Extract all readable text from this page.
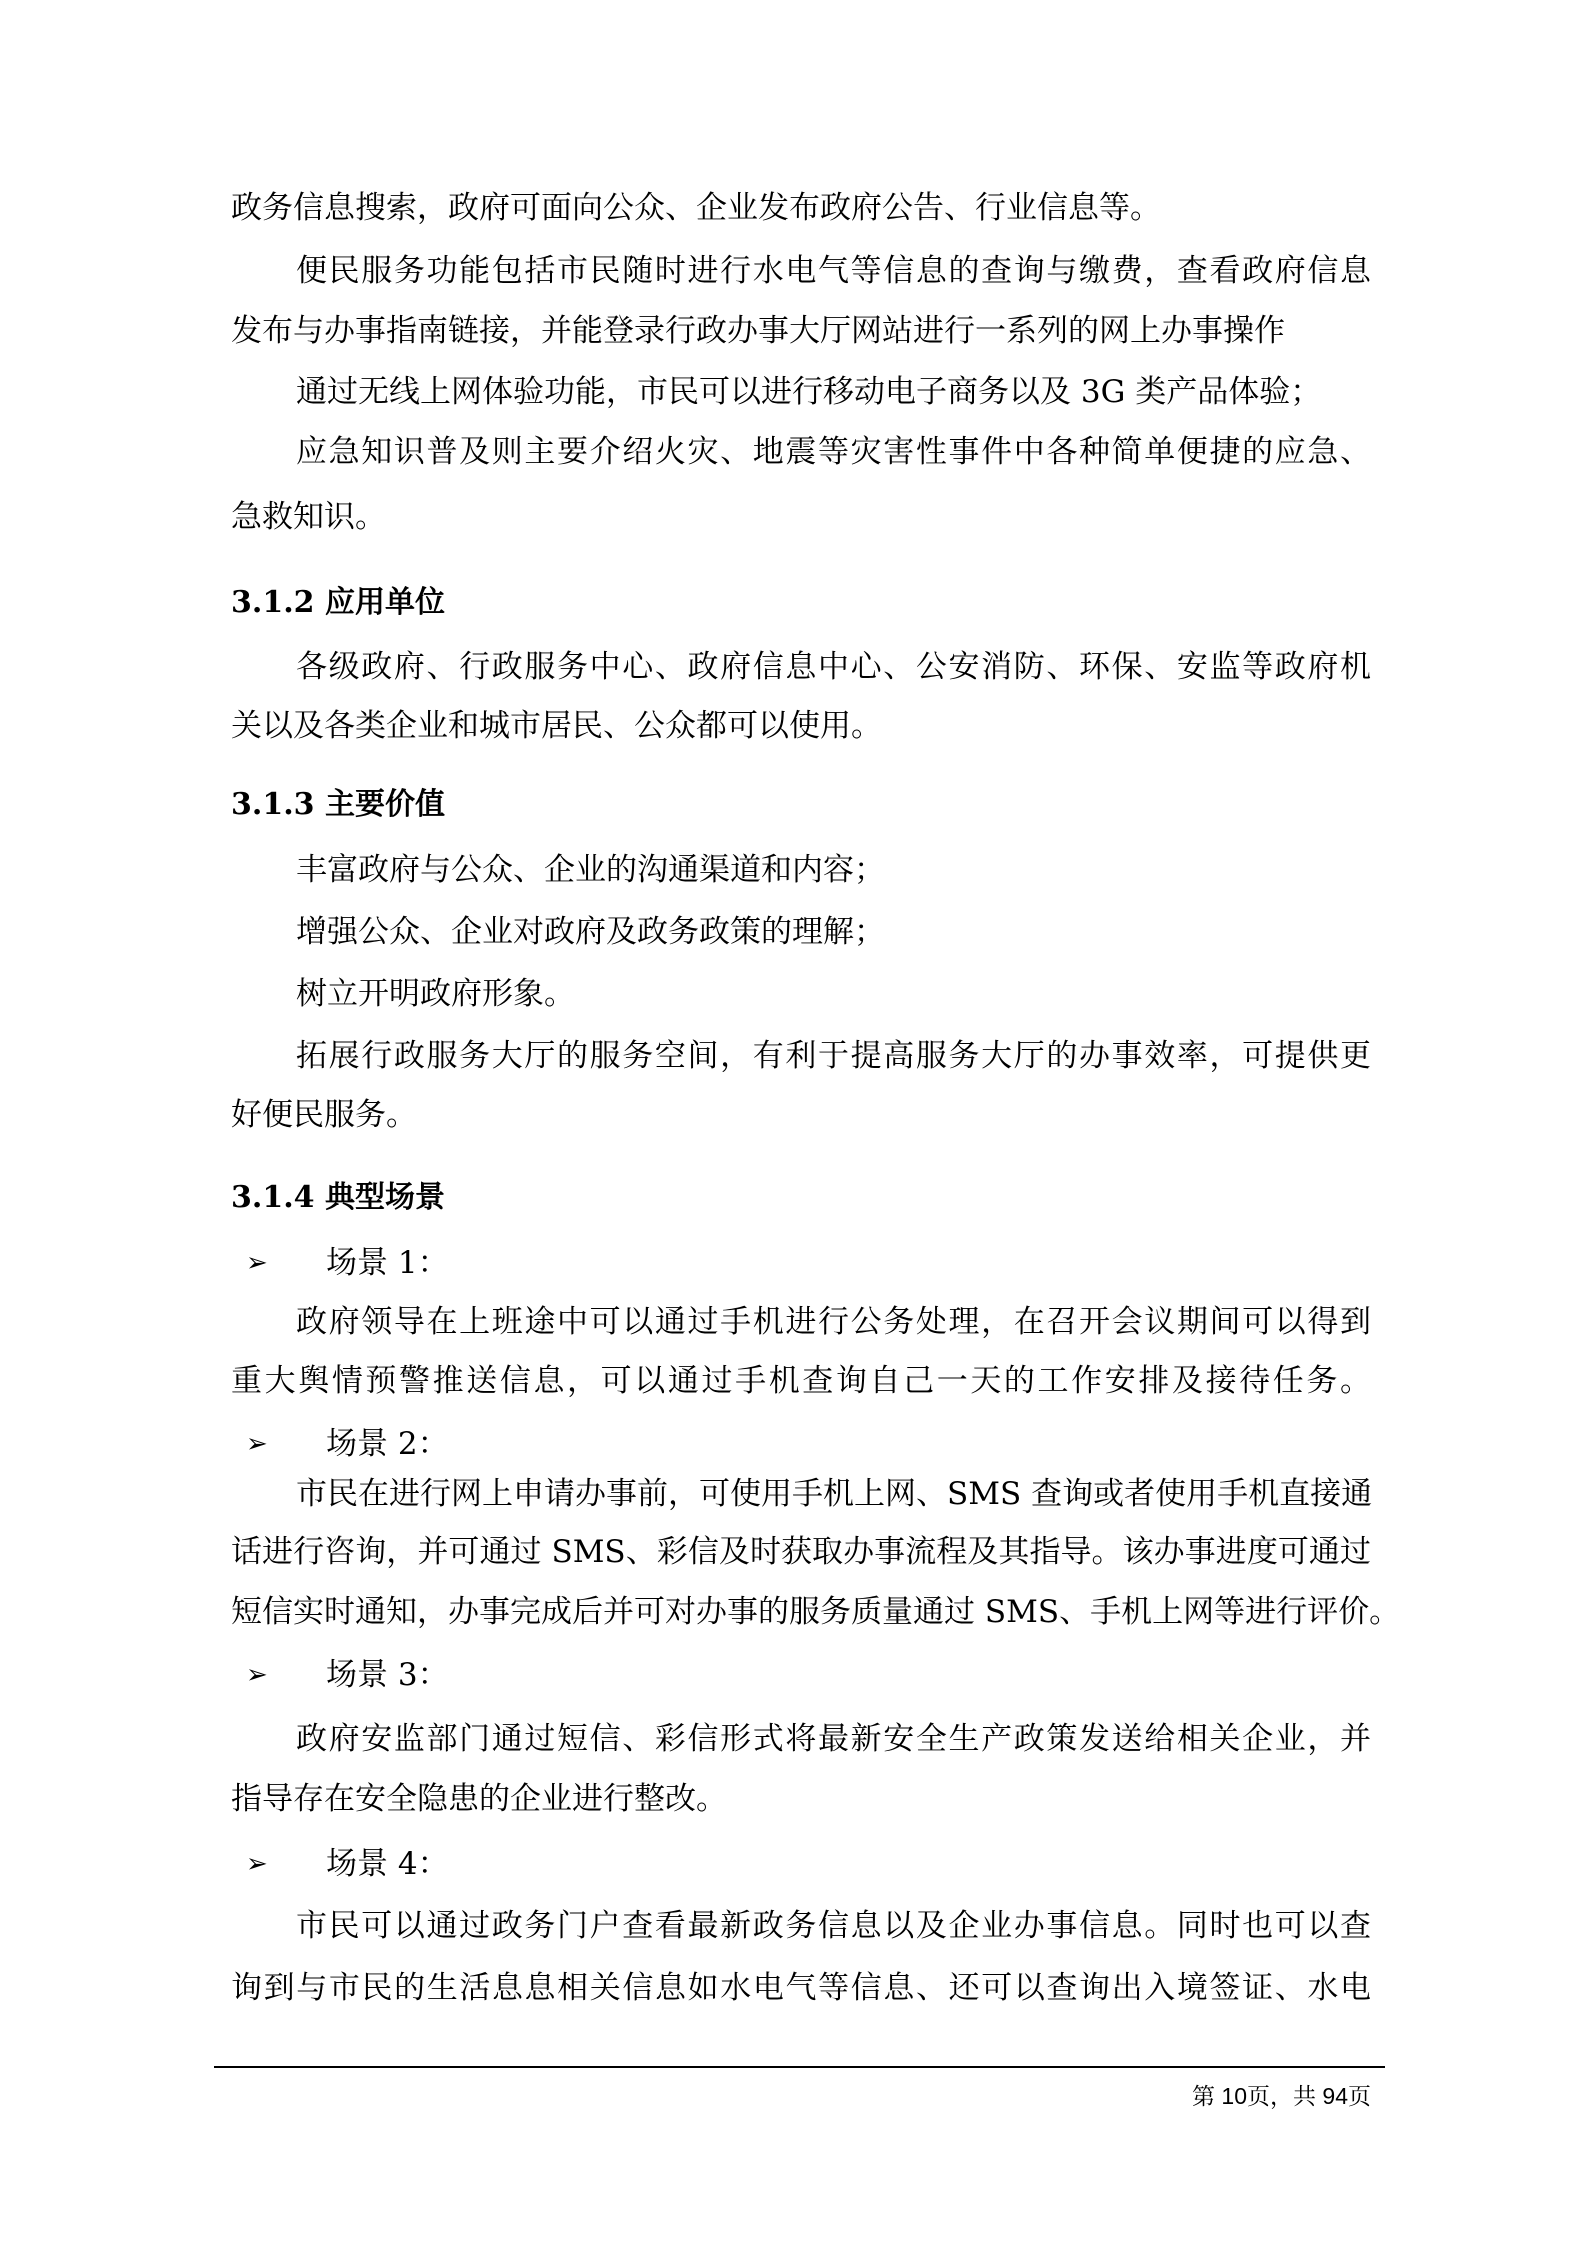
政务信息搜索，政府可面向公众、企业发布政府公告、行业信息等。
便民服务功能包括市民随时进行水电气等信息的查询与缴费，查看政府信息
发布与办事指南链接，并能登录行政办事大厅网站进行一系列的网上办事操作
通过无线上网体验功能，市民可以进行移动电子商务以及 3G 类产品体验；
应急知识普及则主要介绍火灾、地震等灾害性事件中各种简单便捷的应急、
急救知识。
3.1.2 应用单位
各级政府、行政服务中心、政府信息中心、公安消防、环保、安监等政府机
关以及各类企业和城市居民、公众都可以使用。
3.1.3 主要价值
丰富政府与公众、企业的沟通渠道和内容；
增强公众、企业对政府及政务政策的理解；
树立开明政府形象。
拓展行政服务大厅的服务空间，有利于提高服务大厅的办事效率，可提供更
好便民服务。
3.1.4 典型场景
➢ 场景 1：
政府领导在上班途中可以通过手机进行公务处理，在召开会议期间可以得到
重大舆情预警推送信息，可以通过手机查询自己一天的工作安排及接待任务。
➢ 场景 2：
市民在进行网上申请办事前，可使用手机上网、SMS 查询或者使用手机直接通
话进行咨询，并可通过 SMS、彩信及时获取办事流程及其指导。该办事进度可通过
短信实时通知，办事完成后并可对办事的服务质量通过 SMS、手机上网等进行评价。
➢ 场景 3：
政府安监部门通过短信、彩信形式将最新安全生产政策发送给相关企业，并
指导存在安全隐患的企业进行整改。
➢ 场景 4：
市民可以通过政务门户查看最新政务信息以及企业办事信息。同时也可以查
询到与市民的生活息息相关信息如水电气等信息、还可以查询出入境签证、水电
第 10页，共 94页
